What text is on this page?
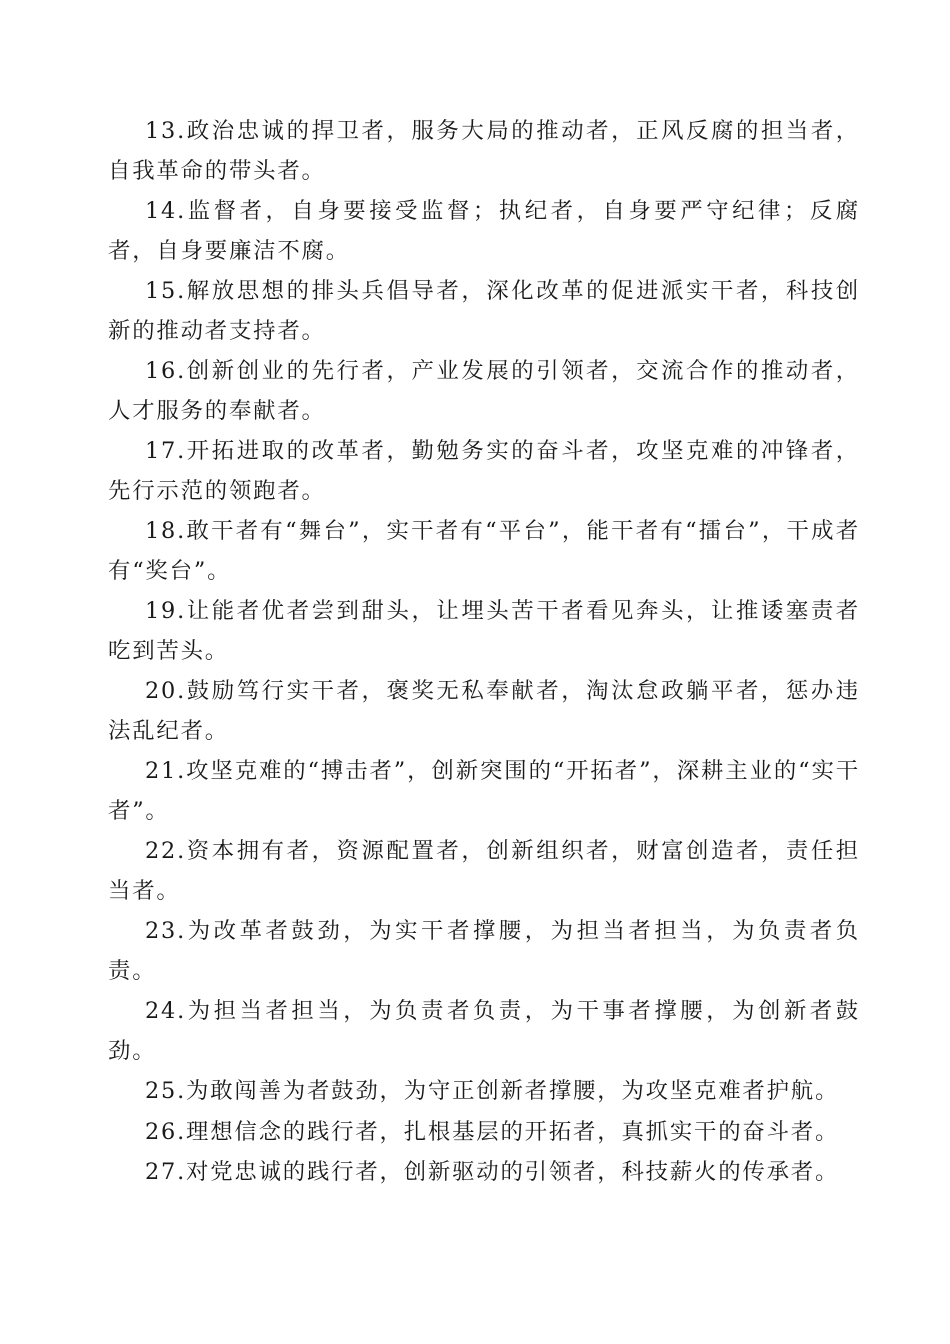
13.政治忠诚的捍卫者，服务大局的推动者，正风反腐的担当者，自我革命的带头者。

14.监督者，自身要接受监督；执纪者，自身要严守纪律；反腐者，自身要廉洁不腐。

15.解放思想的排头兵倡导者，深化改革的促进派实干者，科技创新的推动者支持者。

16.创新创业的先行者，产业发展的引领者，交流合作的推动者，人才服务的奉献者。

17.开拓进取的改革者，勤勉务实的奋斗者，攻坚克难的冲锋者，先行示范的领跑者。

18.敢干者有“舞台”，实干者有“平台”，能干者有“擂台”，干成者有“奖台”。

19.让能者优者尝到甜头，让埋头苦干者看见奔头，让推诿塞责者吃到苦头。

20.鼓励笃行实干者，褒奖无私奉献者，淘汰怠政躺平者，惩办违法乱纪者。

21.攻坚克难的“搏击者”，创新突围的“开拓者”，深耕主业的“实干者”。

22.资本拥有者，资源配置者，创新组织者，财富创造者，责任担当者。

23.为改革者鼓劲，为实干者撑腰，为担当者担当，为负责者负责。

24.为担当者担当，为负责者负责，为干事者撑腰，为创新者鼓劲。

25.为敢闯善为者鼓劲，为守正创新者撑腰，为攻坚克难者护航。

26.理想信念的践行者，扎根基层的开拓者，真抓实干的奋斗者。

27.对党忠诚的践行者，创新驱动的引领者，科技薪火的传承者。
